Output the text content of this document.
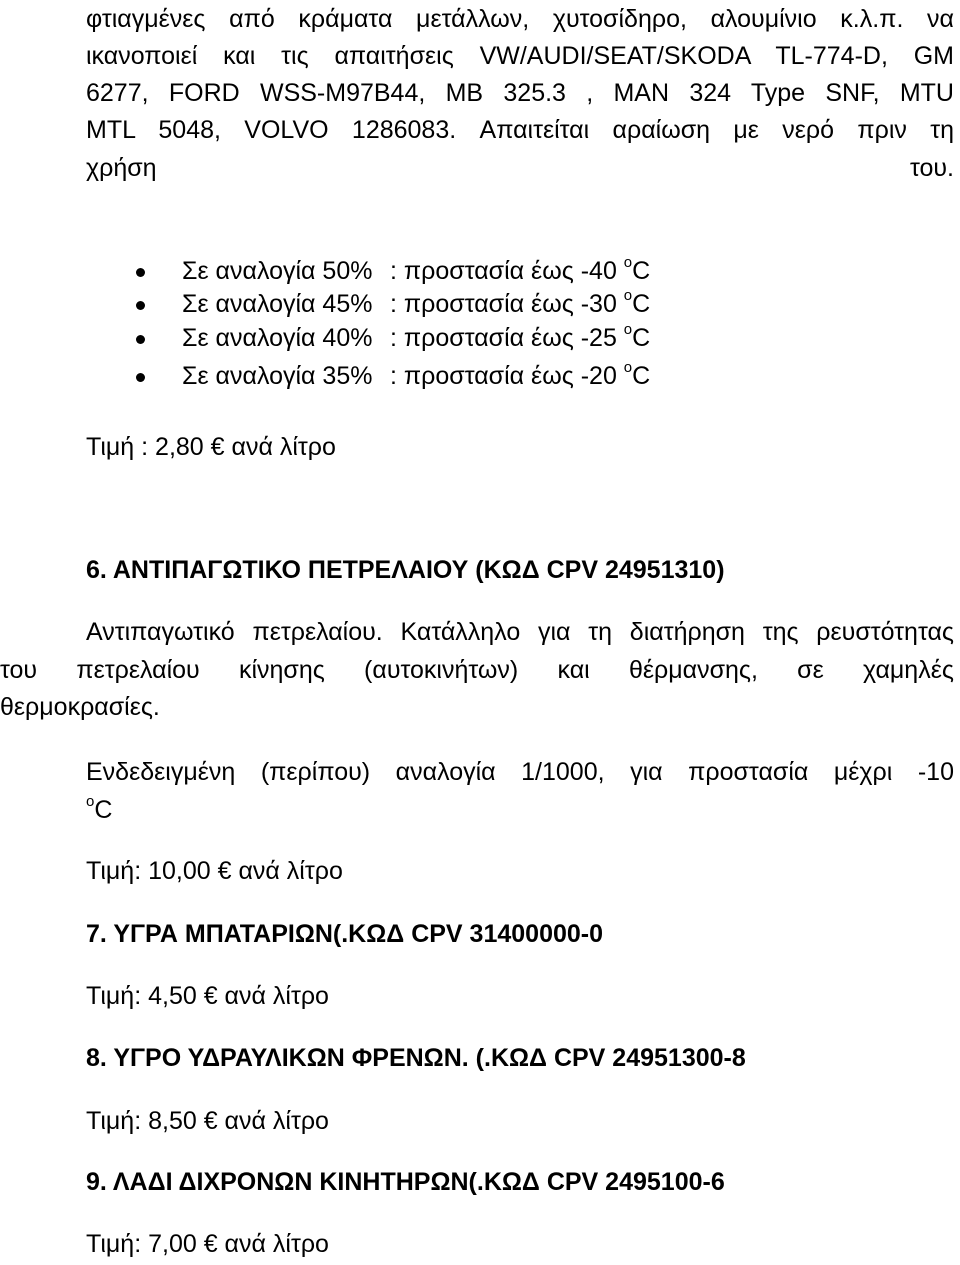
φτιαγμένες από κράματα μετάλλων, χυτοσίδηρο, αλουμίνιο κ.λ.π. να
ικανοποιεί και τις απαιτήσεις VW/AUDI/SEAT/SKODA TL-774-D, GM
6277, FORD WSS-M97B44, MB 325.3 , MAN 324 Type SNF, MTU
MTL 5048, VOLVO 1286083. Απαιτείται αραίωση με νερό πριν τη
χρήση	του.
Σε αναλογία 50% : προστασία έως -40 $^o$C
Σε αναλογία 45% : προστασία έως -30 $^o$C
Σε αναλογία 40% : προστασία έως -25 $^o$C
Σε αναλογία 35% : προστασία έως -20 $^o$C
Τιμή : 2,80 € ανά λίτρο
6. ΑΝΤΙΠΑΓΩΤΙΚΟ ΠΕΤΡΕΛΑΙΟΥ (ΚΩΔ CPV 24951310)
Αντιπαγωτικό πετρελαίου. Κατάλληλο για τη διατήρηση της ρευστότητας
του πετρελαίου κίνησης (αυτοκινήτων) και θέρμανσης, σε χαμηλές
θερμοκρασίες.
Ενδεδειγμένη (περίπου) αναλογία 1/1000, για προστασία μέχρι -10
$^o$C
Τιμή: 10,00 € ανά λίτρο
7. ΥΓΡΑ ΜΠΑΤΑΡΙΩΝ(.ΚΩΔ CPV 31400000-0
Τιμή: 4,50 € ανά λίτρο
8. ΥΓΡΟ ΥΔΡΑΥΛΙΚΩΝ ΦΡΕΝΩΝ. (.ΚΩΔ CPV 24951300-8
Τιμή: 8,50 € ανά λίτρο
9. ΛΑΔΙ ΔΙΧΡΟΝΩΝ ΚΙΝΗΤΗΡΩΝ(.ΚΩΔ CPV 2495100-6
Τιμή: 7,00 € ανά λίτρο
